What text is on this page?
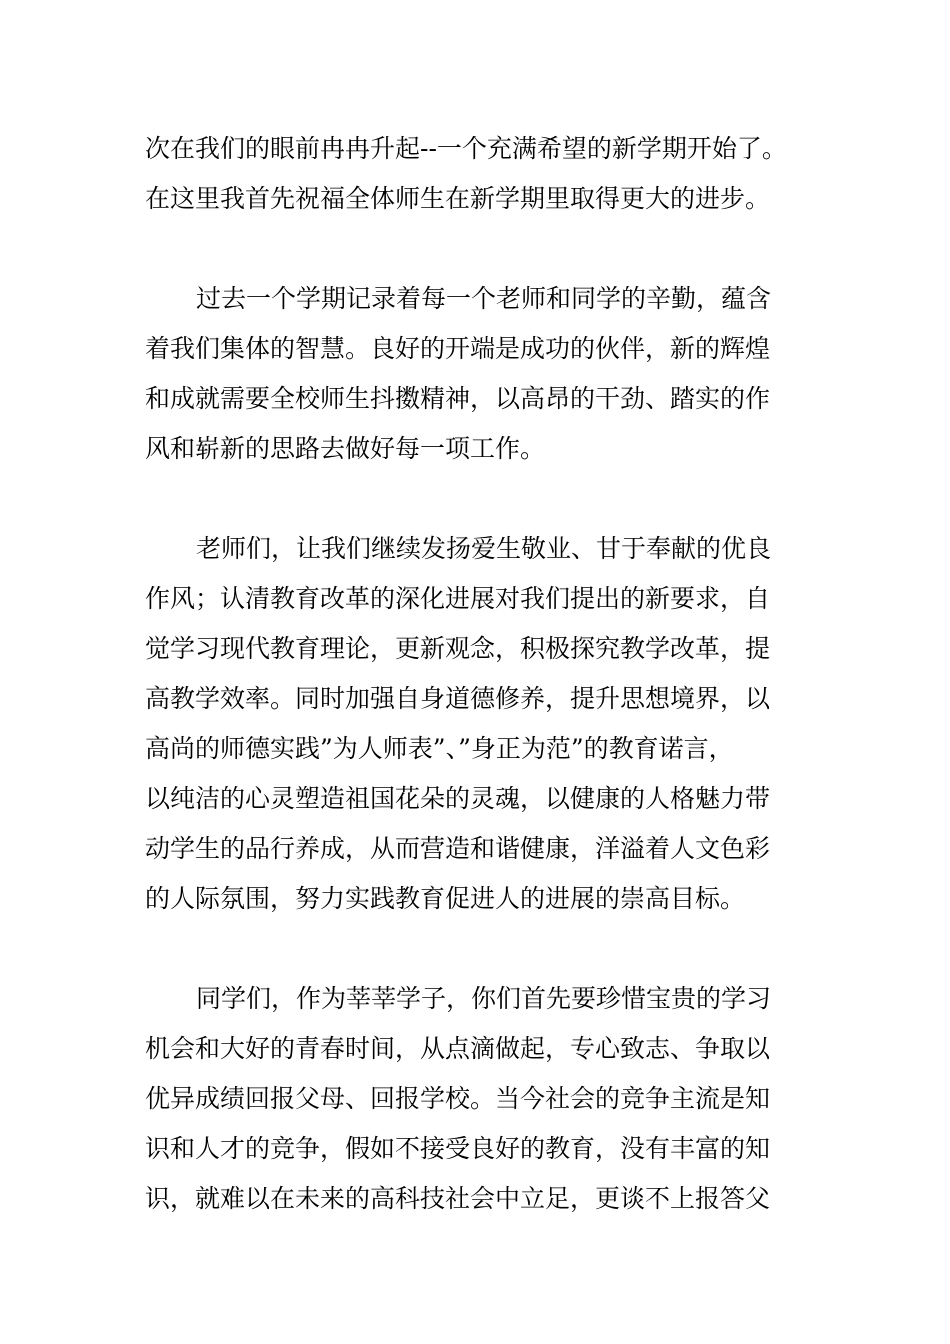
次在我们的眼前冉冉升起--一个充满希望的新学期开始了。
在这里我首先祝福全体师生在新学期里取得更大的进步。
过去一个学期记录着每一个老师和同学的辛勤，蕴含
着我们集体的智慧。良好的开端是成功的伙伴，新的辉煌
和成就需要全校师生抖擞精神，以高昂的干劲、踏实的作
风和崭新的思路去做好每一项工作。
老师们，让我们继续发扬爱生敬业、甘于奉献的优良
作风；认清教育改革的深化进展对我们提出的新要求，自
觉学习现代教育理论，更新观念，积极探究教学改革，提
高教学效率。同时加强自身道德修养，提升思想境界，以
高尚的师德实践”为人师表”、”身正为范”的教育诺言，
以纯洁的心灵塑造祖国花朵的灵魂，以健康的人格魅力带
动学生的品行养成，从而营造和谐健康，洋溢着人文色彩
的人际氛围，努力实践教育促进人的进展的崇高目标。
同学们，作为莘莘学子，你们首先要珍惜宝贵的学习
机会和大好的青春时间，从点滴做起，专心致志、争取以
优异成绩回报父母、回报学校。当今社会的竞争主流是知
识和人才的竞争，假如不接受良好的教育，没有丰富的知
识，就难以在未来的高科技社会中立足，更谈不上报答父
